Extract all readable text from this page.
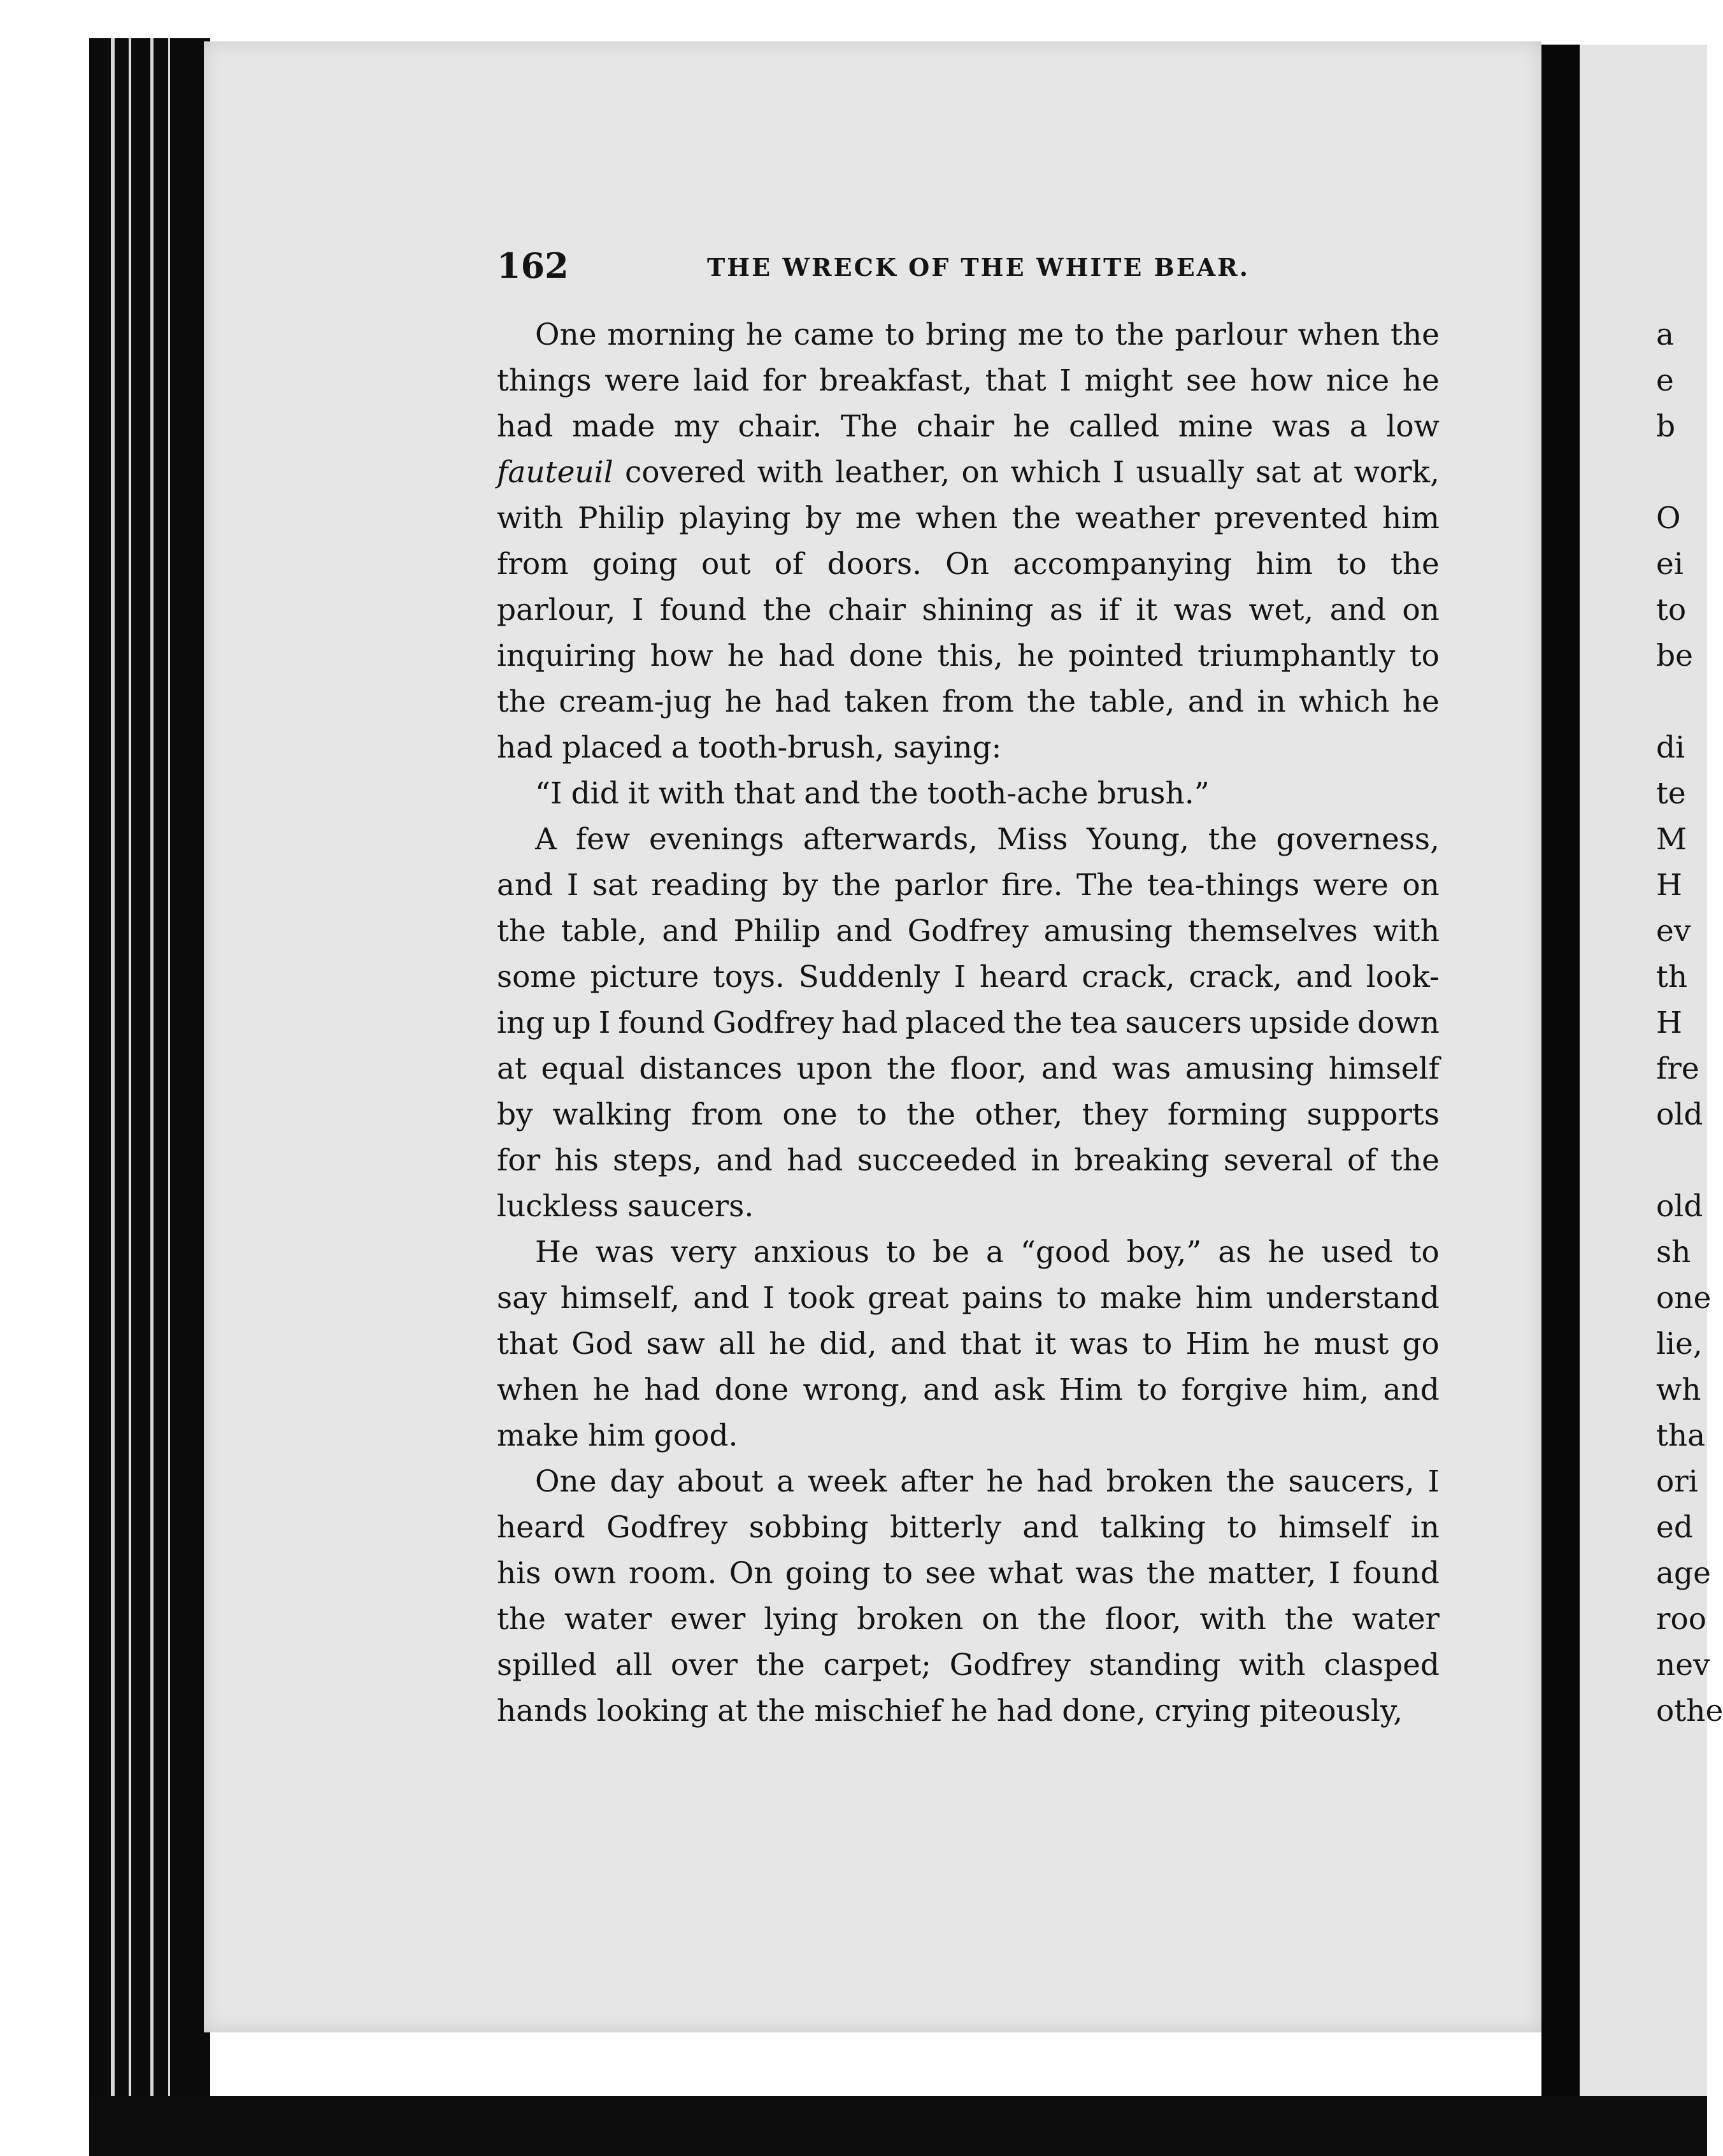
162	THE WRECK OF THE WHITE BEAR.
One morning he came to bring me to the parlour when the
things were laid for breakfast, that I might see how nice he
had made my chair. The chair he called mine was a low
fauteuil covered with leather, on which I usually sat at work,
with Philip playing by me when the weather prevented him
from going out of doors. On accompanying him to the
parlour, I found the chair shining as if it was wet, and on
inquiring how he had done this, he pointed triumphantly to
the cream-jug he had taken from the table, and in which he
had placed a tooth-brush, saying:
“I did it with that and the tooth-ache brush.”
A few evenings afterwards, Miss Young, the governess,
and I sat reading by the parlor fire. The tea-things were on
the table, and Philip and Godfrey amusing themselves with
some picture toys. Suddenly I heard crack, crack, and look-
ing up I found Godfrey had placed the tea saucers upside down
at equal distances upon the floor, and was amusing himself
by walking from one to the other, they forming supports
for his steps, and had succeeded in breaking several of the
luckless saucers.
He was very anxious to be a “good boy,” as he used to
say himself, and I took great pains to make him understand
that God saw all he did, and that it was to Him he must go
when he had done wrong, and ask Him to forgive him, and
make him good.
One day about a week after he had broken the saucers, I
heard Godfrey sobbing bitterly and talking to himself in
his own room. On going to see what was the matter, I found
the water ewer lying broken on the floor, with the water
spilled all over the carpet; Godfrey standing with clasped
hands looking at the mischief he had done, crying piteously,
a
e
b
O
ei
to
be
di
te
M
H
ev
th
H
fre
old
old
sh
one
lie,
wh
tha
ori
ed
age
roo
nev
othe
